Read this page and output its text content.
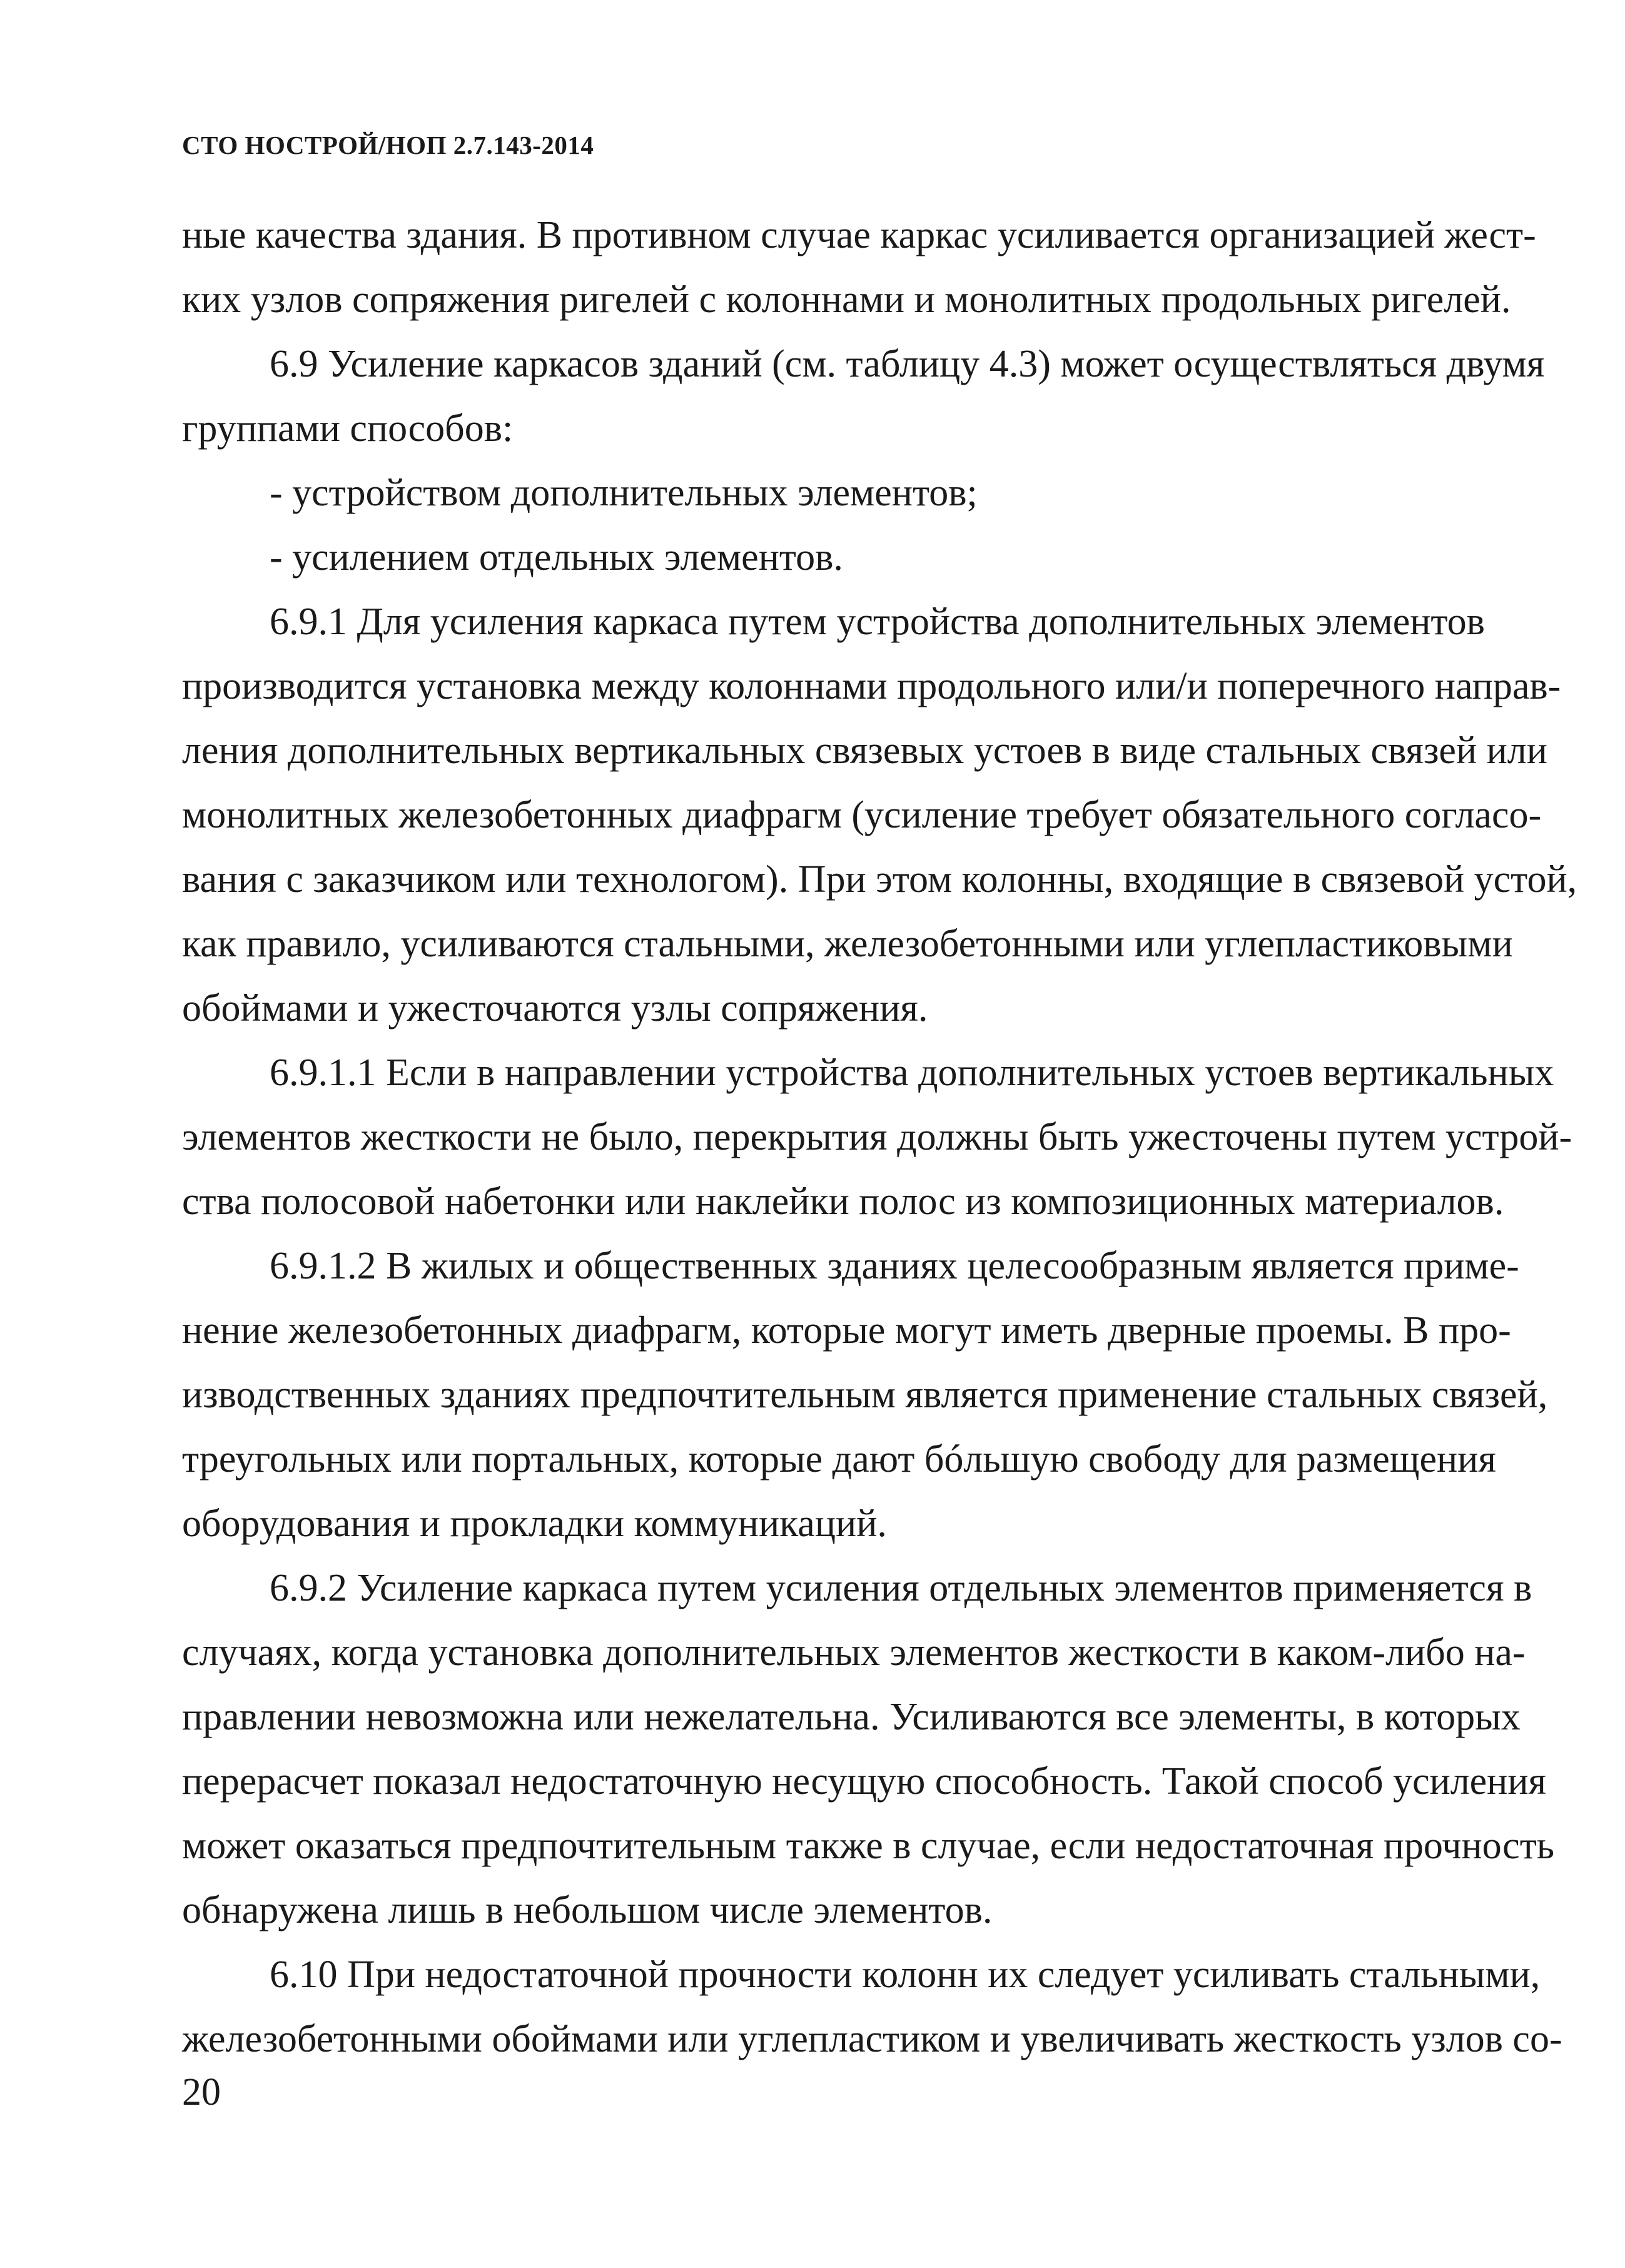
СТО НОСТРОЙ/НОП 2.7.143-2014
ные качества здания. В противном случае каркас усиливается организацией жест-
ких узлов сопряжения ригелей с колоннами и монолитных продольных ригелей.
6.9 Усиление каркасов зданий (см. таблицу 4.3) может осуществляться двумя
группами способов:
- устройством дополнительных элементов;
- усилением отдельных элементов.
6.9.1 Для усиления каркаса путем устройства дополнительных элементов
производится установка между колоннами продольного или/и поперечного направ-
ления дополнительных вертикальных связевых устоев в виде стальных связей или
монолитных железобетонных диафрагм (усиление требует обязательного согласо-
вания с заказчиком или технологом). При этом колонны, входящие в связевой устой,
как правило, усиливаются стальными, железобетонными или углепластиковыми
обоймами и ужесточаются узлы сопряжения.
6.9.1.1 Если в направлении устройства дополнительных устоев вертикальных
элементов жесткости не было, перекрытия должны быть ужесточены путем устрой-
ства полосовой набетонки или наклейки полос из композиционных материалов.
6.9.1.2 В жилых и общественных зданиях целесообразным является приме-
нение железобетонных диафрагм, которые могут иметь дверные проемы. В про-
изводственных зданиях предпочтительным является применение стальных связей,
треугольных или портальных, которые дают бóльшую свободу для размещения
оборудования и прокладки коммуникаций.
6.9.2 Усиление каркаса путем усиления отдельных элементов применяется в
случаях, когда установка дополнительных элементов жесткости в каком-либо на-
правлении невозможна или нежелательна. Усиливаются все элементы, в которых
перерасчет показал недостаточную несущую способность. Такой способ усиления
может оказаться предпочтительным также в случае, если недостаточная прочность
обнаружена лишь в небольшом числе элементов.
6.10 При недостаточной прочности колонн их следует усиливать стальными,
железобетонными обоймами или углепластиком и увеличивать жесткость узлов со-
20
